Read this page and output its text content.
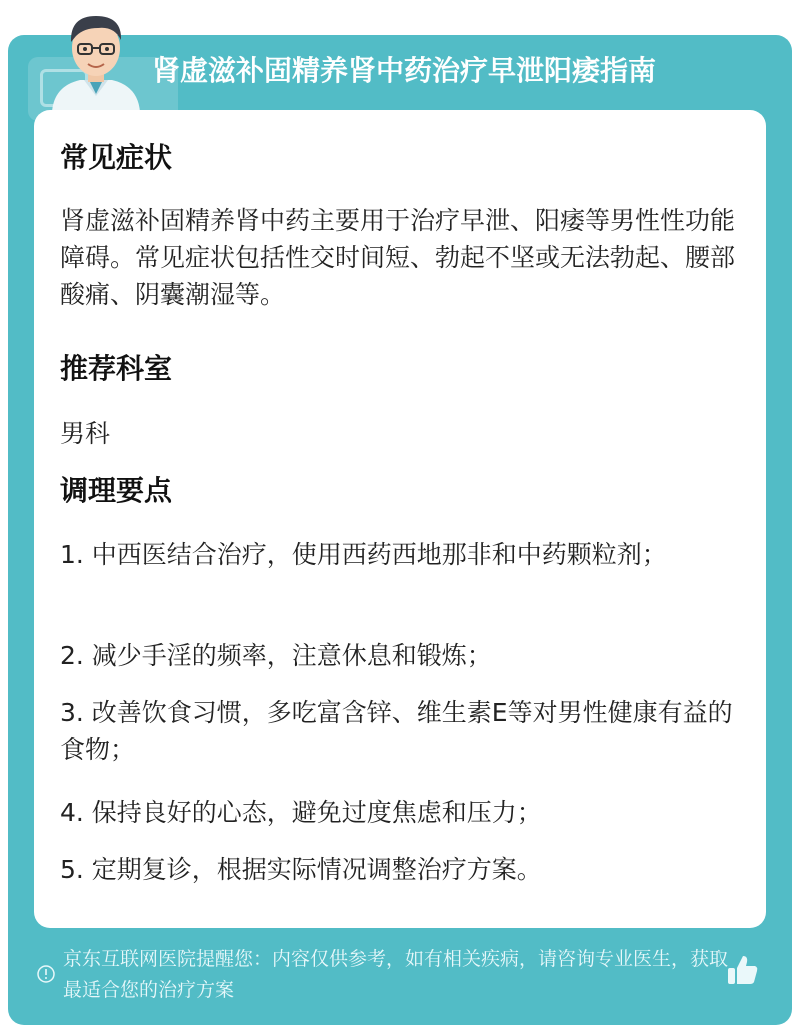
肾虚滋补固精养肾中药治疗早泄阳痿指南
常见症状
肾虚滋补固精养肾中药主要用于治疗早泄、阳痿等男性性功能障碍。常见症状包括性交时间短、勃起不坚或无法勃起、腰部酸痛、阴囊潮湿等。
推荐科室
男科
调理要点
1. 中西医结合治疗，使用西药西地那非和中药颗粒剂；
2. 减少手淫的频率，注意休息和锻炼；
3. 改善饮食习惯，多吃富含锌、维生素E等对男性健康有益的食物；
4. 保持良好的心态，避免过度焦虑和压力；
5. 定期复诊，根据实际情况调整治疗方案。
京东互联网医院提醒您：内容仅供参考，如有相关疾病，请咨询专业医生，获取最适合您的治疗方案
